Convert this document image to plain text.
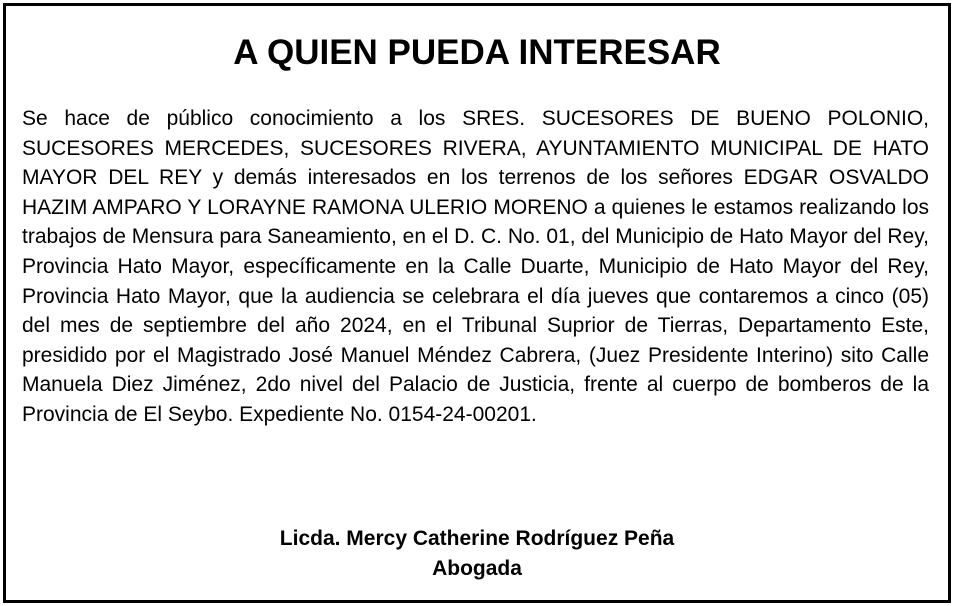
A QUIEN PUEDA INTERESAR

Se hace de público conocimiento a los SRES. SUCESORES DE BUENO POLONIO, SUCESORES MERCEDES, SUCESORES RIVERA, AYUNTAMIENTO MUNICIPAL DE HATO MAYOR DEL REY y demás interesados en los terrenos de los señores EDGAR OSVALDO HAZIM AMPARO Y LORAYNE RAMONA ULERIO MORENO a quienes le estamos realizando los trabajos de Mensura para Saneamiento, en el D. C. No. 01, del Municipio de Hato Mayor del Rey, Provincia Hato Mayor, específicamente en la Calle Duarte, Municipio de Hato Mayor del Rey, Provincia Hato Mayor, que la audiencia se celebrara el día jueves que contaremos a cinco (05) del mes de septiembre del año 2024, en el Tribunal Suprior de Tierras, Departamento Este, presidido por el Magistrado José Manuel Méndez Cabrera, (Juez Presidente Interino) sito Calle Manuela Diez Jiménez, 2do nivel del Palacio de Justicia, frente al cuerpo de bomberos de la Provincia de El Seybo. Expediente No. 0154-24-00201.

Licda. Mercy Catherine Rodríguez Peña
Abogada
